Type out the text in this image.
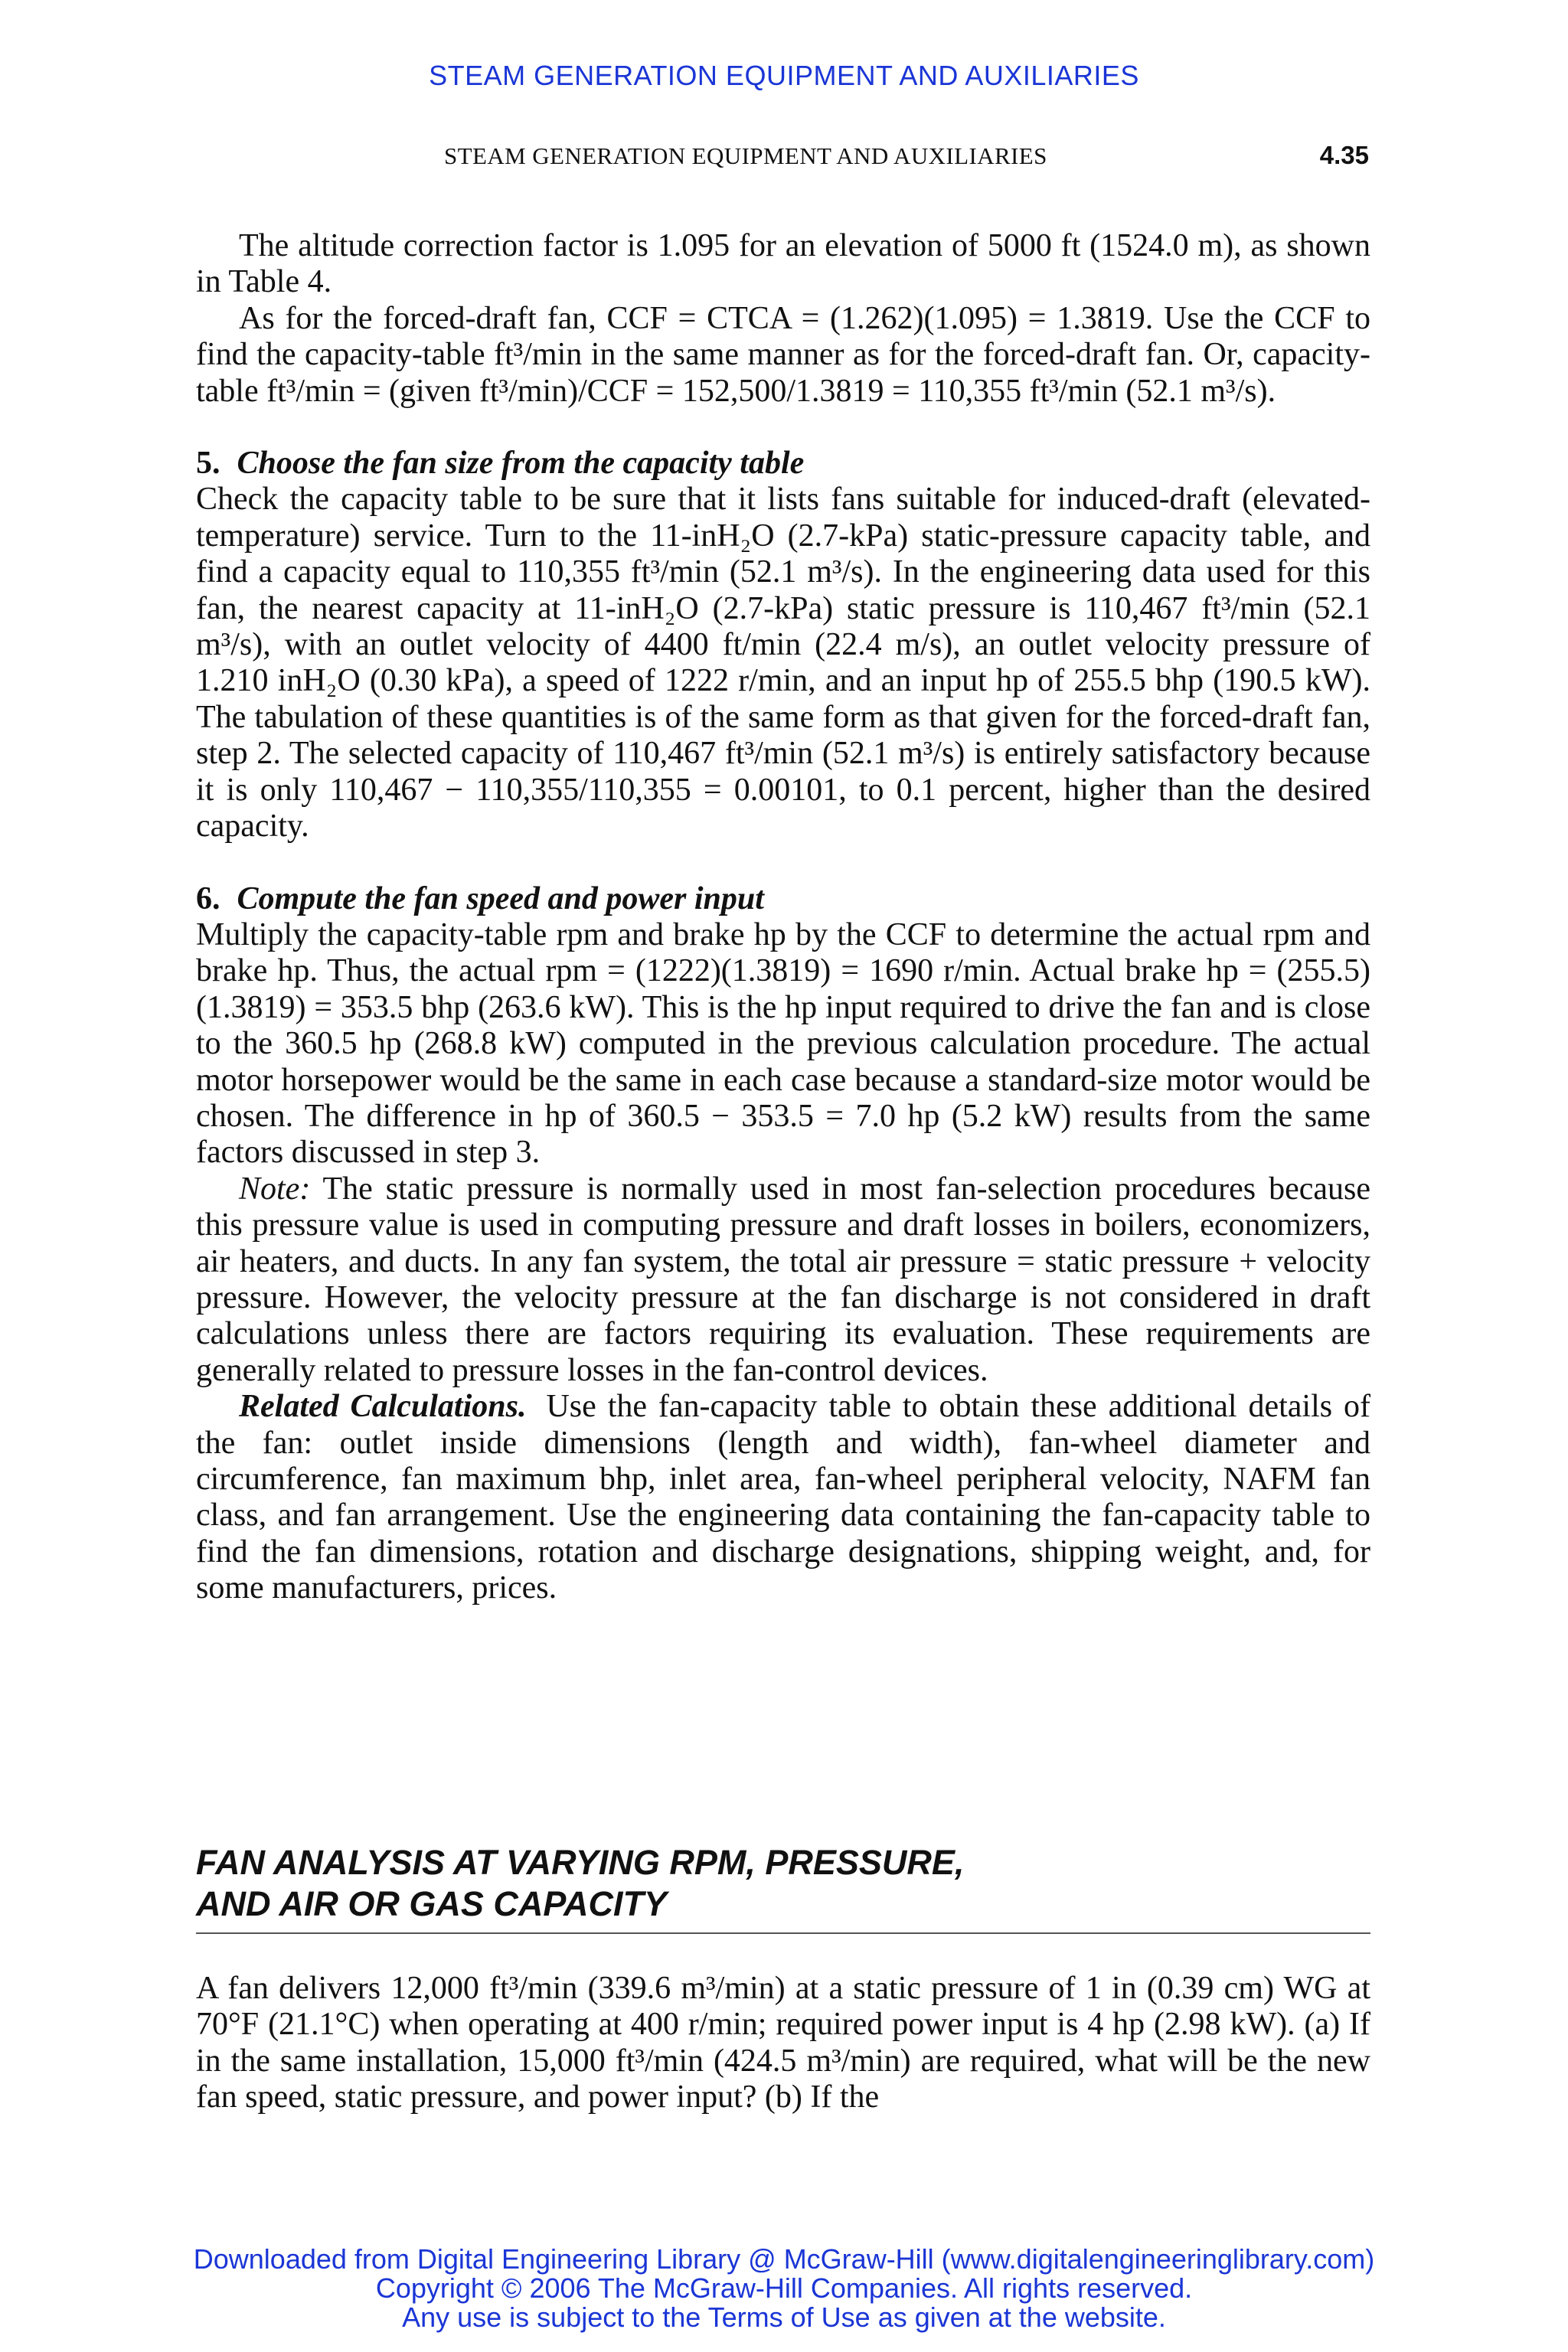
STEAM GENERATION EQUIPMENT AND AUXILIARIES
STEAM GENERATION EQUIPMENT AND AUXILIARIES	4.35

The altitude correction factor is 1.095 for an elevation of 5000 ft (1524.0 m), as shown in Table 4.

As for the forced-draft fan, CCF = CTCA = (1.262)(1.095) = 1.3819. Use the CCF to find the capacity-table ft³/min in the same manner as for the forced-draft fan. Or, capacity-table ft³/min = (given ft³/min)/CCF = 152,500/1.3819 = 110,355 ft³/min (52.1 m³/s).

5. Choose the fan size from the capacity table

Check the capacity table to be sure that it lists fans suitable for induced-draft (elevated-temperature) service. Turn to the 11-inH₂O (2.7-kPa) static-pressure capacity table, and find a capacity equal to 110,355 ft³/min (52.1 m³/s). In the engineering data used for this fan, the nearest capacity at 11-inH₂O (2.7-kPa) static pressure is 110,467 ft³/min (52.1 m³/s), with an outlet velocity of 4400 ft/min (22.4 m/s), an outlet velocity pressure of 1.210 inH₂O (0.30 kPa), a speed of 1222 r/min, and an input hp of 255.5 bhp (190.5 kW). The tabulation of these quantities is of the same form as that given for the forced-draft fan, step 2. The selected capacity of 110,467 ft³/min (52.1 m³/s) is entirely satisfactory because it is only 110,467 − 110,355/110,355 = 0.00101, to 0.1 percent, higher than the desired capacity.

6. Compute the fan speed and power input

Multiply the capacity-table rpm and brake hp by the CCF to determine the actual rpm and brake hp. Thus, the actual rpm = (1222)(1.3819) = 1690 r/min. Actual brake hp = (255.5)(1.3819) = 353.5 bhp (263.6 kW). This is the hp input required to drive the fan and is close to the 360.5 hp (268.8 kW) computed in the previous calculation procedure. The actual motor horsepower would be the same in each case because a standard-size motor would be chosen. The difference in hp of 360.5 − 353.5 = 7.0 hp (5.2 kW) results from the same factors discussed in step 3.

Note: The static pressure is normally used in most fan-selection procedures because this pressure value is used in computing pressure and draft losses in boilers, economizers, air heaters, and ducts. In any fan system, the total air pressure = static pressure + velocity pressure. However, the velocity pressure at the fan discharge is not considered in draft calculations unless there are factors requiring its evaluation. These requirements are generally related to pressure losses in the fan-control devices.

Related Calculations. Use the fan-capacity table to obtain these additional details of the fan: outlet inside dimensions (length and width), fan-wheel diameter and circumference, fan maximum bhp, inlet area, fan-wheel peripheral velocity, NAFM fan class, and fan arrangement. Use the engineering data containing the fan-capacity table to find the fan dimensions, rotation and discharge designations, shipping weight, and, for some manufacturers, prices.

FAN ANALYSIS AT VARYING RPM, PRESSURE,
AND AIR OR GAS CAPACITY

A fan delivers 12,000 ft³/min (339.6 m³/min) at a static pressure of 1 in (0.39 cm) WG at 70°F (21.1°C) when operating at 400 r/min; required power input is 4 hp (2.98 kW). (a) If in the same installation, 15,000 ft³/min (424.5 m³/min) are required, what will be the new fan speed, static pressure, and power input? (b) If the

Downloaded from Digital Engineering Library @ McGraw-Hill (www.digitalengineeringlibrary.com)
Copyright © 2006 The McGraw-Hill Companies. All rights reserved.
Any use is subject to the Terms of Use as given at the website.
